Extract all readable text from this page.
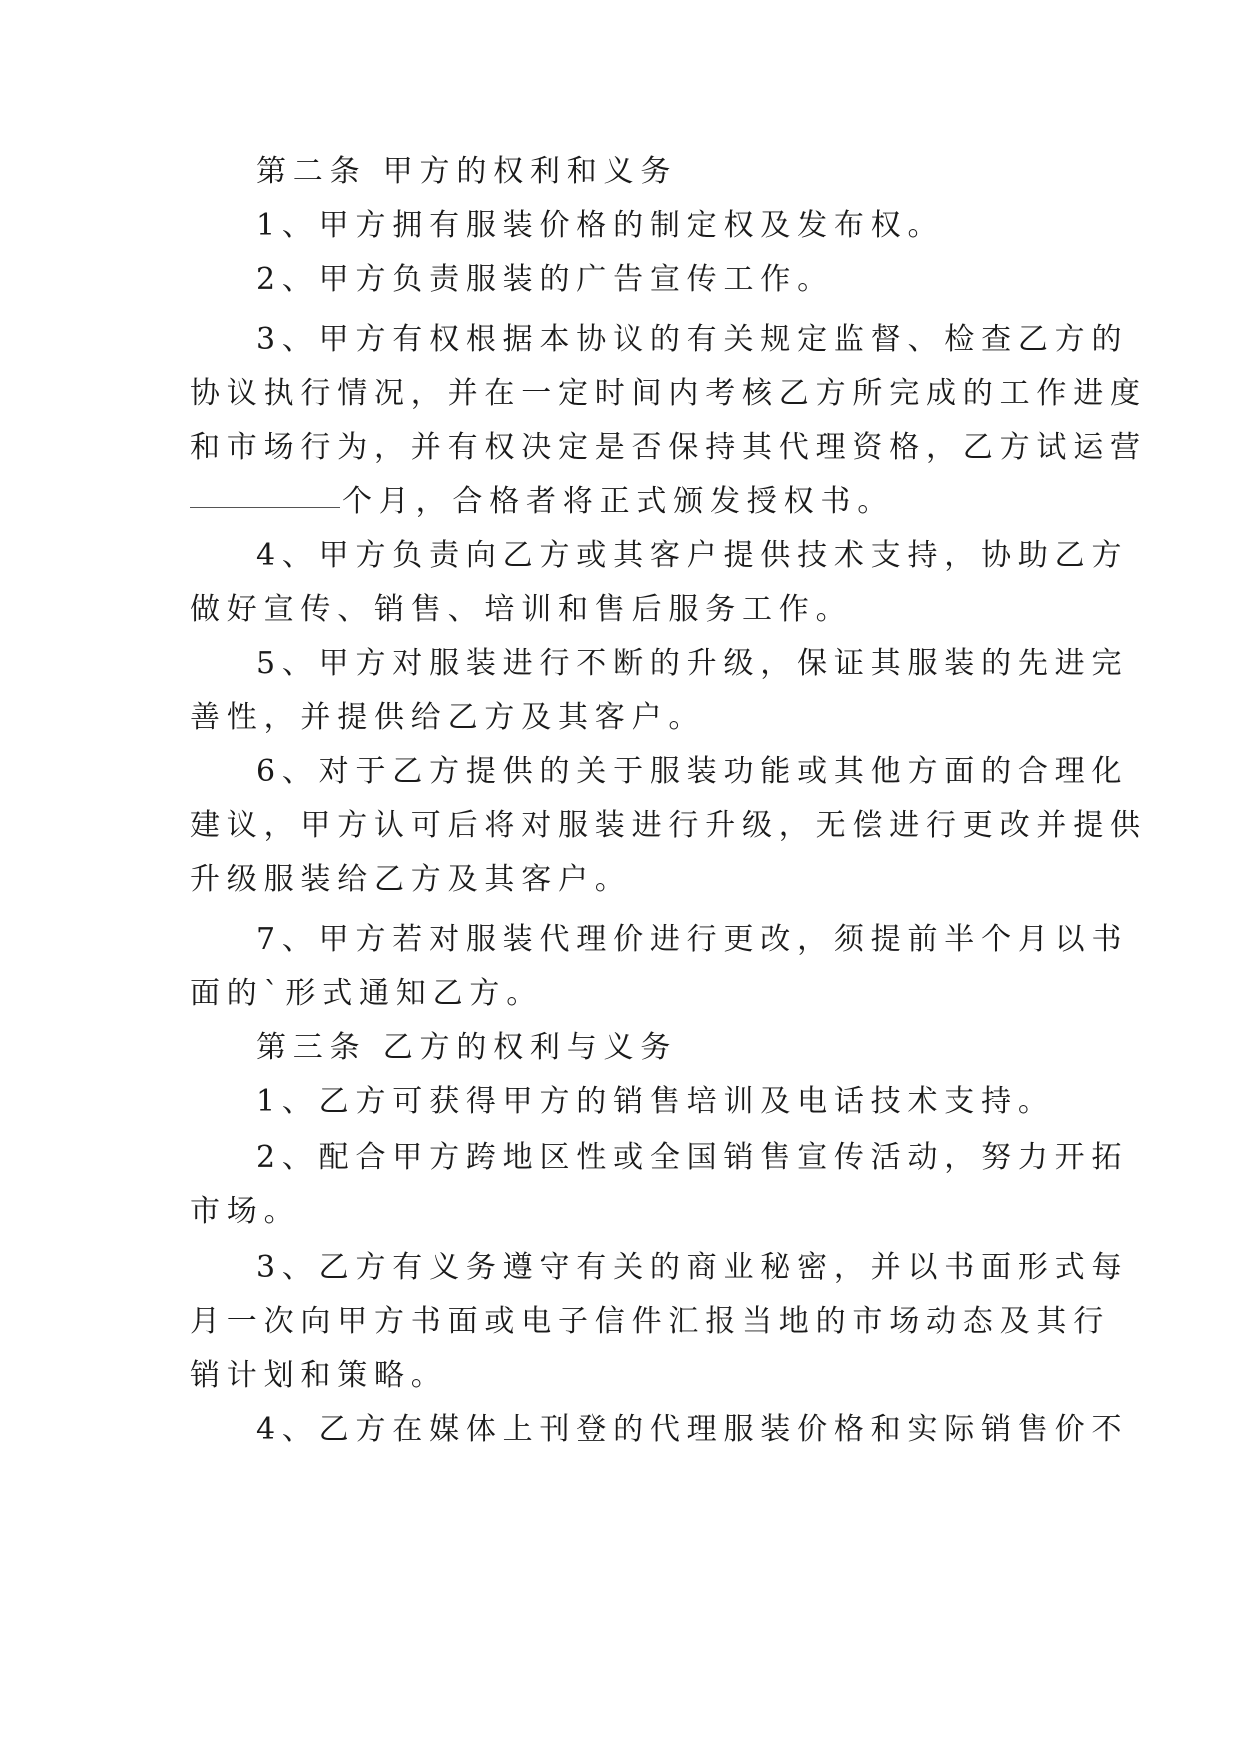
第二条 甲方的权利和义务
1、甲方拥有服装价格的制定权及发布权。
2、甲方负责服装的广告宣传工作。
3、甲方有权根据本协议的有关规定监督、检查乙方的
协议执行情况，并在一定时间内考核乙方所完成的工作进度
和市场行为，并有权决定是否保持其代理资格，乙方试运营
个月，合格者将正式颁发授权书。
4、甲方负责向乙方或其客户提供技术支持，协助乙方
做好宣传、销售、培训和售后服务工作。
5、甲方对服装进行不断的升级，保证其服装的先进完
善性，并提供给乙方及其客户。
6、对于乙方提供的关于服装功能或其他方面的合理化
建议，甲方认可后将对服装进行升级，无偿进行更改并提供
升级服装给乙方及其客户。
7、甲方若对服装代理价进行更改，须提前半个月以书
面的`形式通知乙方。
第三条 乙方的权利与义务
1、乙方可获得甲方的销售培训及电话技术支持。
2、配合甲方跨地区性或全国销售宣传活动，努力开拓
市场。
3、乙方有义务遵守有关的商业秘密，并以书面形式每
月一次向甲方书面或电子信件汇报当地的市场动态及其行
销计划和策略。
4、乙方在媒体上刊登的代理服装价格和实际销售价不
